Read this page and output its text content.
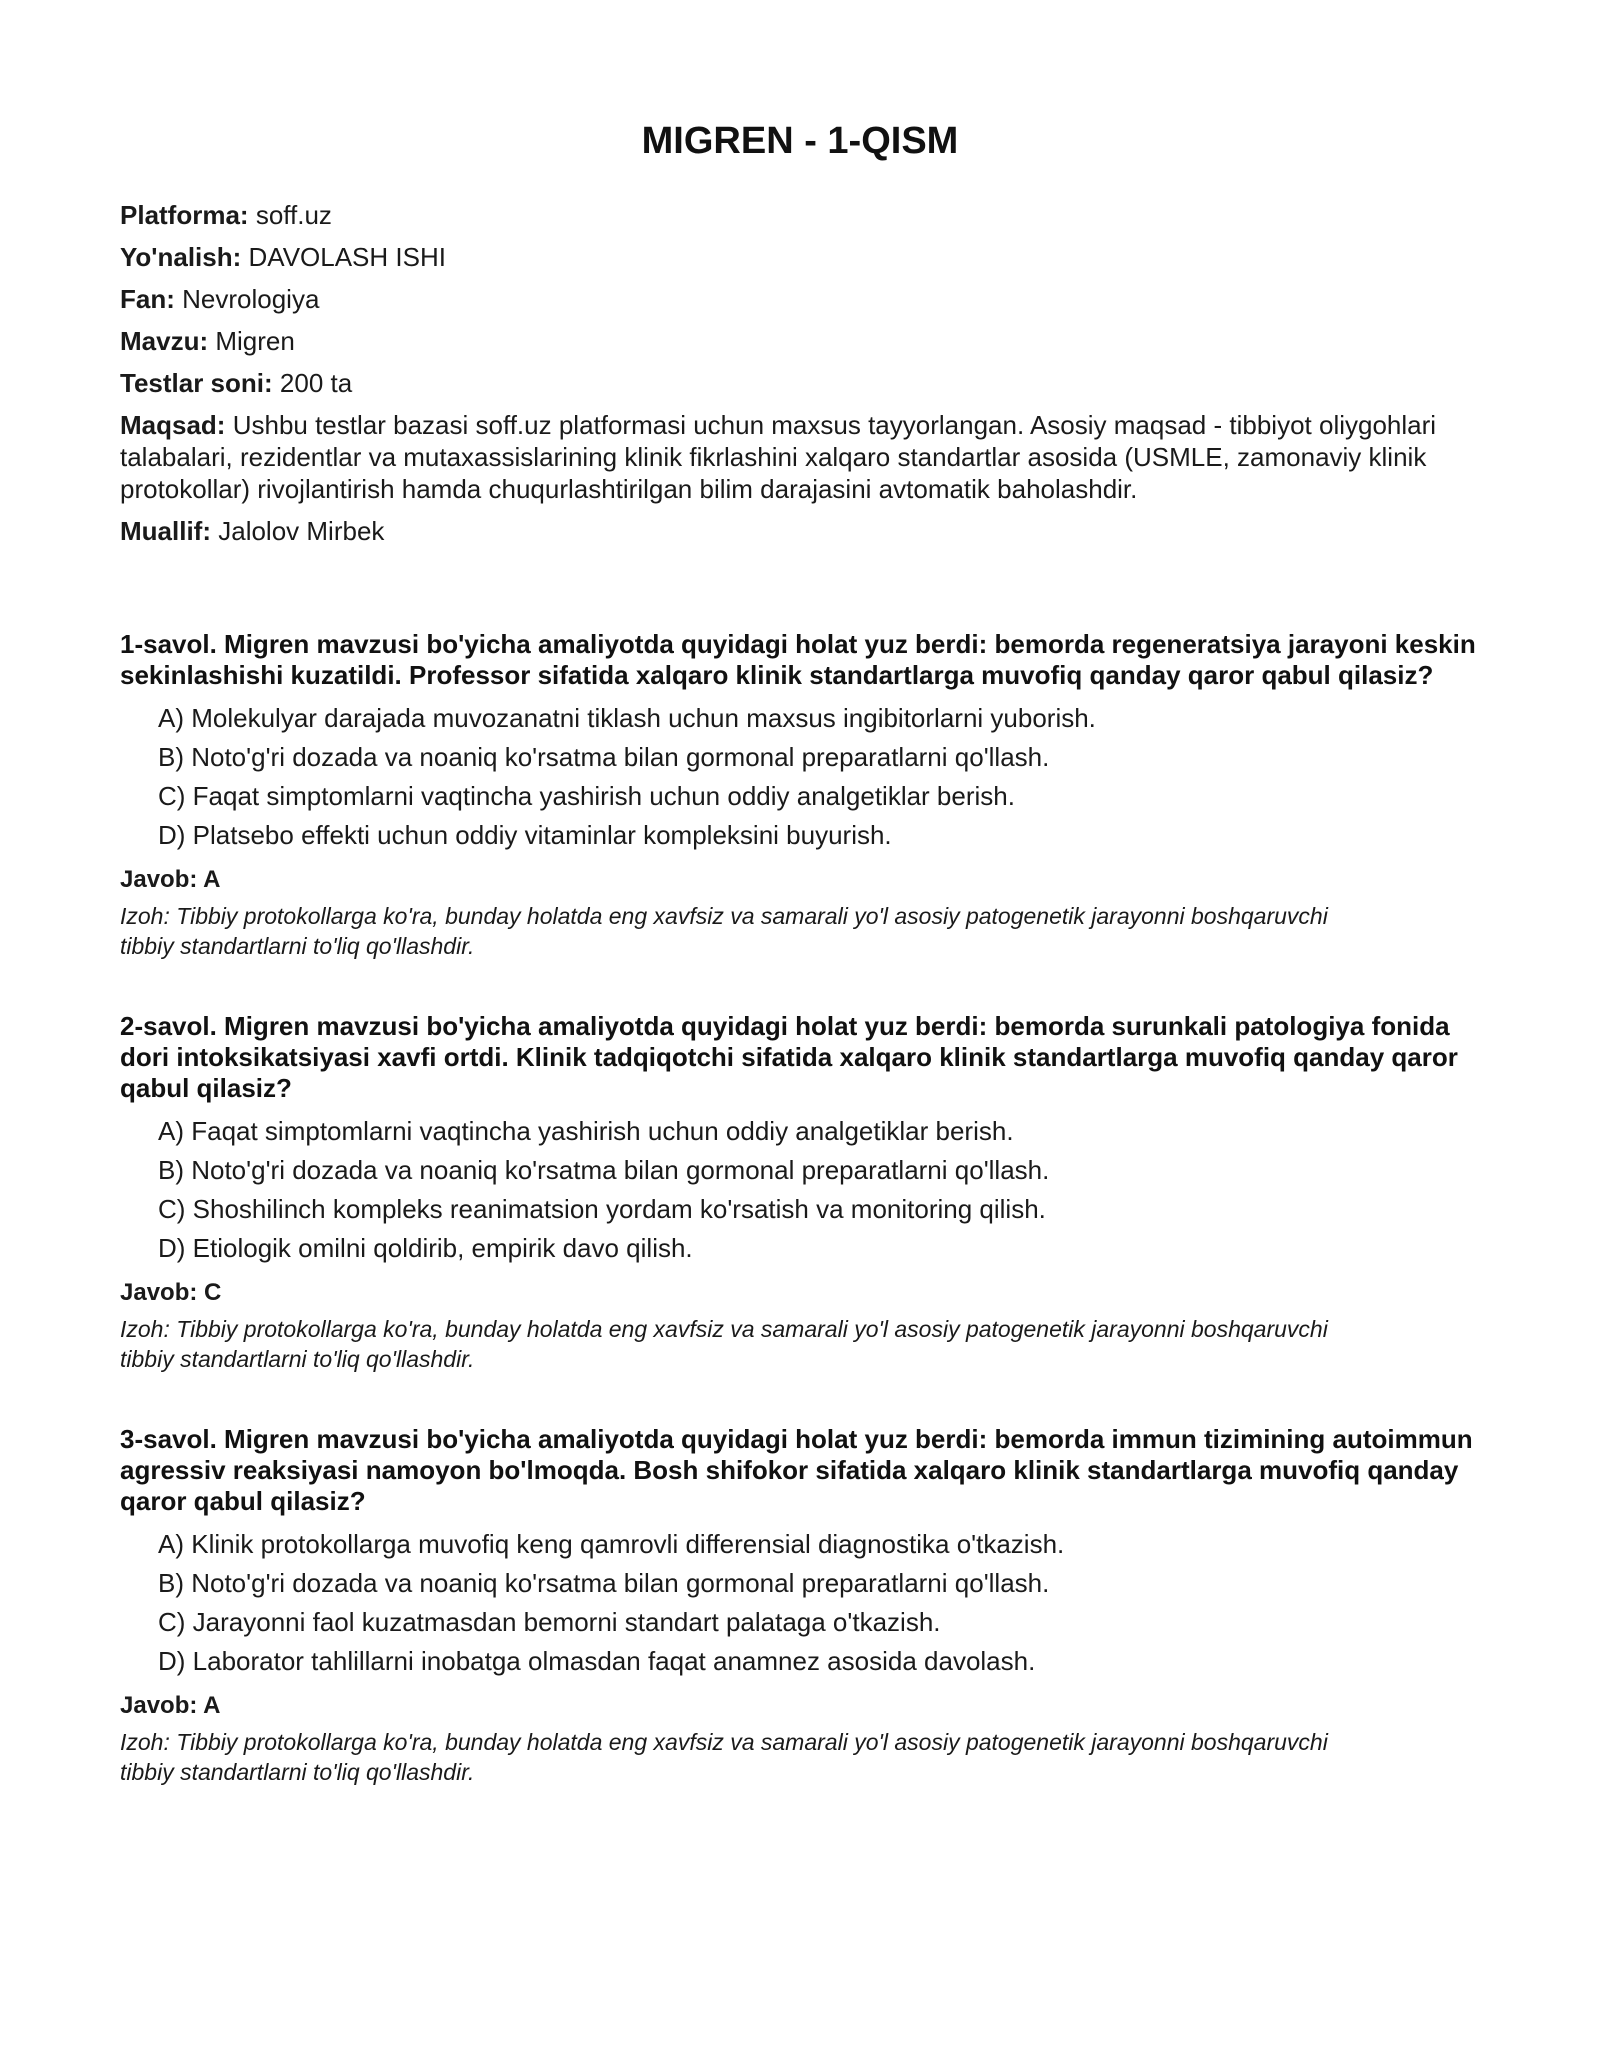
MIGREN - 1-QISM

Platforma: soff.uz

Yo'nalish: DAVOLASH ISHI

Fan: Nevrologiya

Mavzu: Migren

Testlar soni: 200 ta

Maqsad: Ushbu testlar bazasi soff.uz platformasi uchun maxsus tayyorlangan. Asosiy maqsad - tibbiyot oliygohlari talabalari, rezidentlar va mutaxassislarining klinik fikrlashini xalqaro standartlar asosida (USMLE, zamonaviy klinik protokollar) rivojlantirish hamda chuqurlashtirilgan bilim darajasini avtomatik baholashdir.

Muallif: Jalolov Mirbek

1-savol. Migren mavzusi bo'yicha amaliyotda quyidagi holat yuz berdi: bemorda regeneratsiya jarayoni keskin sekinlashishi kuzatildi. Professor sifatida xalqaro klinik standartlarga muvofiq qanday qaror qabul qilasiz?

A) Molekulyar darajada muvozanatni tiklash uchun maxsus ingibitorlarni yuborish.
B) Noto'g'ri dozada va noaniq ko'rsatma bilan gormonal preparatlarni qo'llash.
C) Faqat simptomlarni vaqtincha yashirish uchun oddiy analgetiklar berish.
D) Platsebo effekti uchun oddiy vitaminlar kompleksini buyurish.

Javob: A

Izoh: Tibbiy protokollarga ko'ra, bunday holatda eng xavfsiz va samarali yo'l asosiy patogenetik jarayonni boshqaruvchi tibbiy standartlarni to'liq qo'llashdir.

2-savol. Migren mavzusi bo'yicha amaliyotda quyidagi holat yuz berdi: bemorda surunkali patologiya fonida dori intoksikatsiyasi xavfi ortdi. Klinik tadqiqotchi sifatida xalqaro klinik standartlarga muvofiq qanday qaror qabul qilasiz?

A) Faqat simptomlarni vaqtincha yashirish uchun oddiy analgetiklar berish.
B) Noto'g'ri dozada va noaniq ko'rsatma bilan gormonal preparatlarni qo'llash.
C) Shoshilinch kompleks reanimatsion yordam ko'rsatish va monitoring qilish.
D) Etiologik omilni qoldirib, empirik davo qilish.

Javob: C

Izoh: Tibbiy protokollarga ko'ra, bunday holatda eng xavfsiz va samarali yo'l asosiy patogenetik jarayonni boshqaruvchi tibbiy standartlarni to'liq qo'llashdir.

3-savol. Migren mavzusi bo'yicha amaliyotda quyidagi holat yuz berdi: bemorda immun tizimining autoimmun agressiv reaksiyasi namoyon bo'lmoqda. Bosh shifokor sifatida xalqaro klinik standartlarga muvofiq qanday qaror qabul qilasiz?

A) Klinik protokollarga muvofiq keng qamrovli differensial diagnostika o'tkazish.
B) Noto'g'ri dozada va noaniq ko'rsatma bilan gormonal preparatlarni qo'llash.
C) Jarayonni faol kuzatmasdan bemorni standart palataga o'tkazish.
D) Laborator tahlillarni inobatga olmasdan faqat anamnez asosida davolash.

Javob: A

Izoh: Tibbiy protokollarga ko'ra, bunday holatda eng xavfsiz va samarali yo'l asosiy patogenetik jarayonni boshqaruvchi tibbiy standartlarni to'liq qo'llashdir.
